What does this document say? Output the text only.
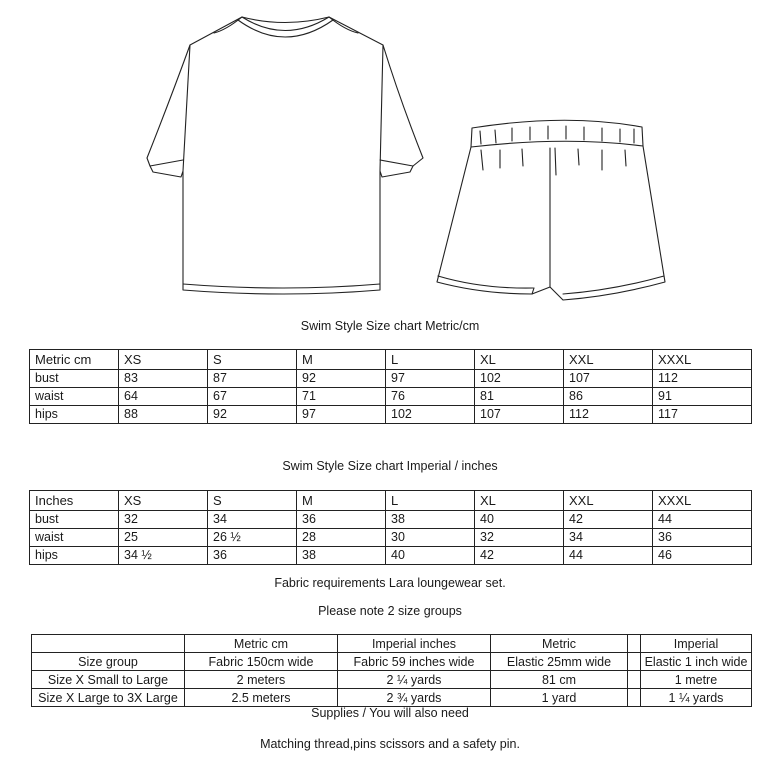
Swim Style Size chart Metric/cm
Metric cm	XS	S	M	L	XL	XXL	XXXL
bust	83	87	92	97	102	107	112
waist	64	67	71	76	81	86	91
hips	88	92	97	102	107	112	117
Swim Style Size chart Imperial / inches
Inches	XS	S	M	L	XL	XXL	XXXL
bust	32	34	36	38	40	42	44
waist	25	26 ½	28	30	32	34	36
hips	34 ½	36	38	40	42	44	46
Fabric requirements Lara loungewear set.
Please note 2 size groups
	Metric cm	Imperial inches	Metric		Imperial
Size group	Fabric 150cm wide	Fabric 59 inches wide	Elastic 25mm wide		Elastic 1 inch wide
Size X Small to Large	2 meters	2 ¼ yards	81 cm		1 metre
Size X Large to 3X Large	2.5 meters	2 ¾ yards	1 yard		1 ¼ yards
Supplies / You will also need
Matching thread,pins scissors and a safety pin.
